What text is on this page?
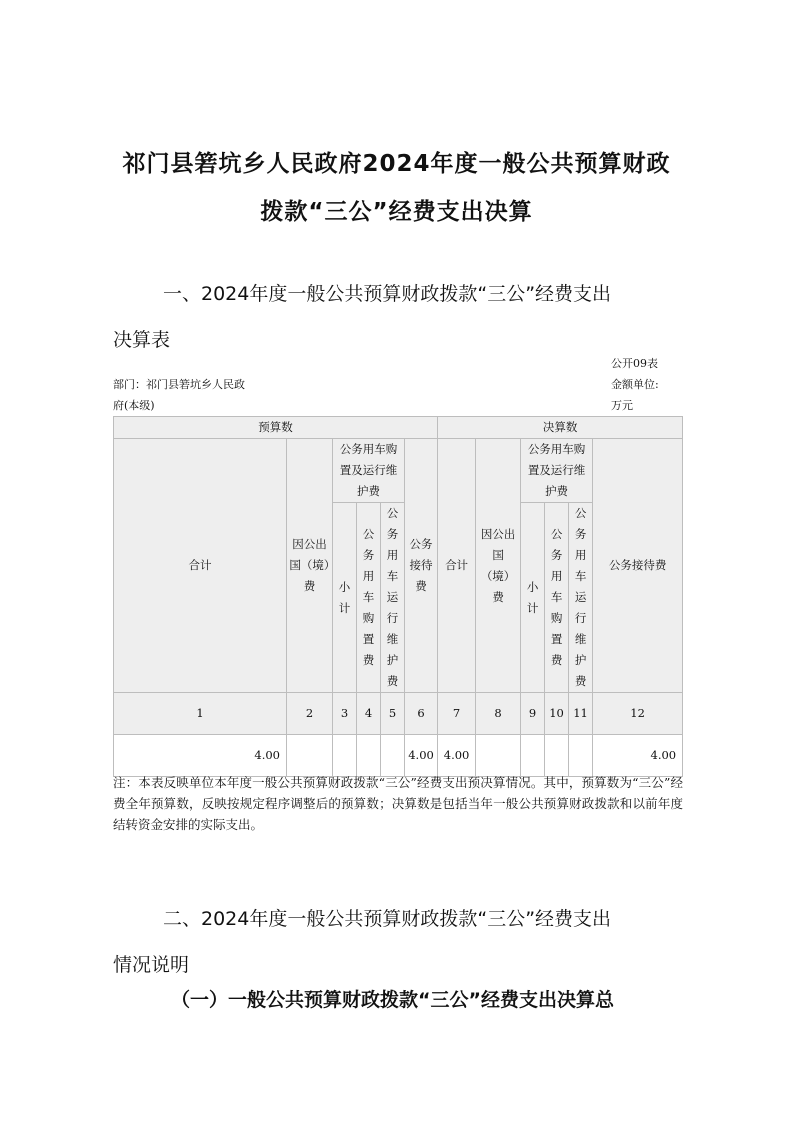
祁门县箬坑乡人民政府2024年度一般公共预算财政
拨款“三公”经费支出决算
一、2024年度一般公共预算财政拨款“三公”经费支出
决算表
公开09表
金额单位:
万元
部门：祁门县箬坑乡人民政
府(本级)
预算数						决算数					
合计	因公出国（境）费	公务用车购置及运行维护费			公务接待费	合计	因公出国（境）费	公务用车购置及运行维护费			公务接待费
		小计	公务用车购置费	公务用车运行维护费				小计	公务用车购置费	公务用车运行维护费	
1	2	3	4	5	6	7	8	9	10	11	12
4.00					4.00	4.00					4.00
注：本表反映单位本年度一般公共预算财政拨款“三公”经费支出预决算情况。其中，预算数为“三公”经费全年预算数，反映按规定程序调整后的预算数；决算数是包括当年一般公共预算财政拨款和以前年度结转资金安排的实际支出。
二、2024年度一般公共预算财政拨款“三公”经费支出
情况说明
（一）一般公共预算财政拨款“三公”经费支出决算总
